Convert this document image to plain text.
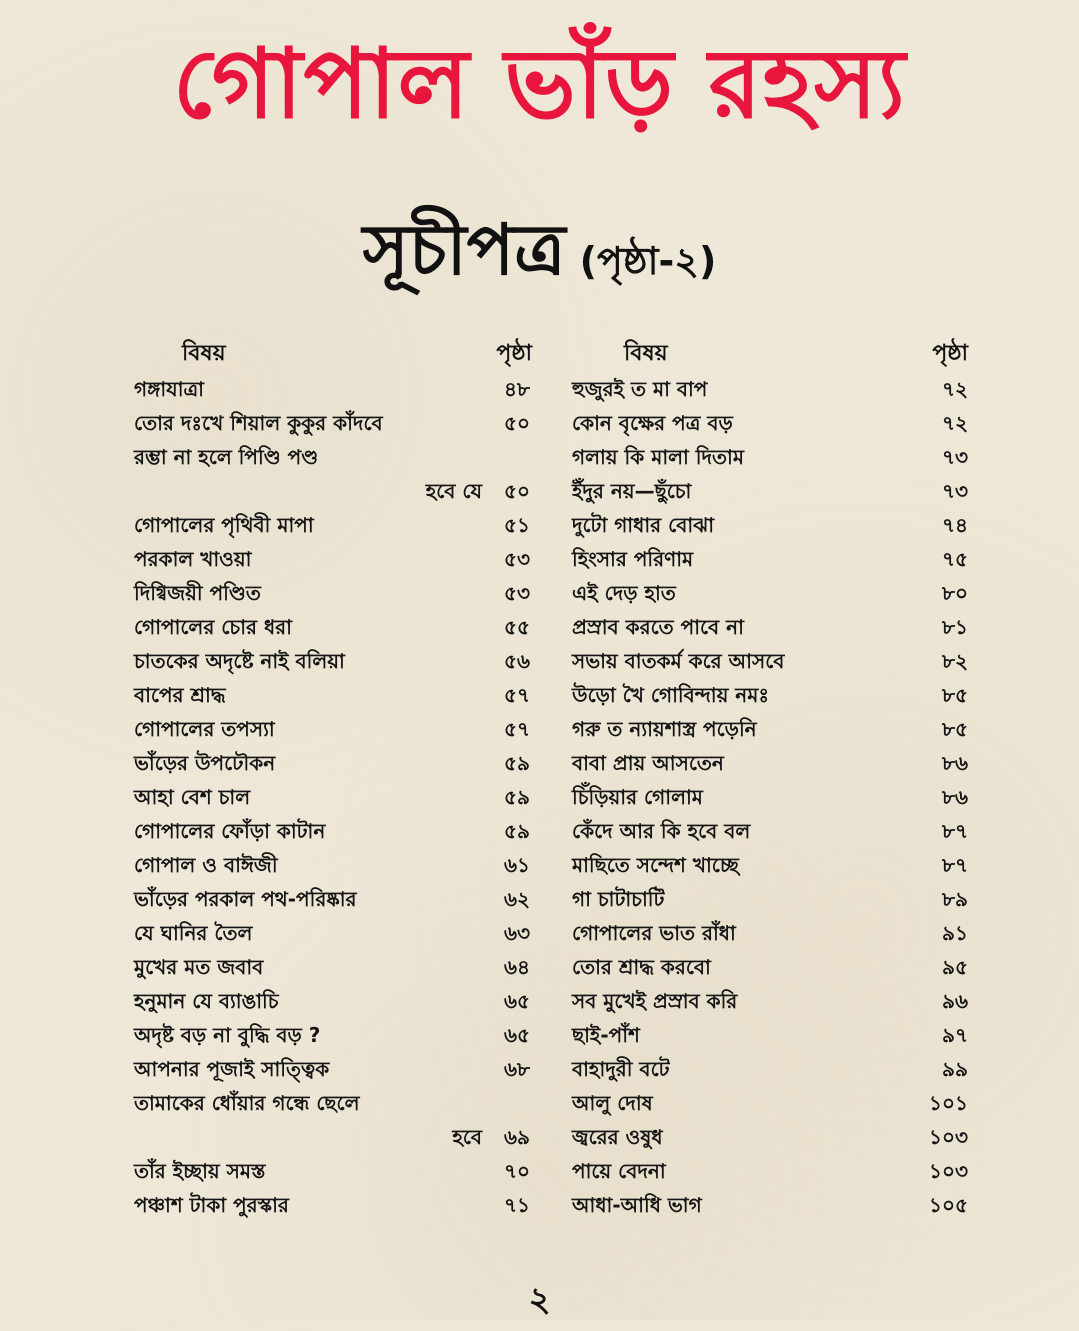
গোপাল ভাঁড় রহস্য
সূচীপত্র (পৃষ্ঠা-২)
বিষয়	পৃষ্ঠা
গঙ্গাযাত্রা	৪৮
তোর দঃখে শিয়াল কুকুর কাঁদবে	৫০
রম্ভা না হলে পিণ্ডি পণ্ড
হবে যে ৫০
গোপালের পৃথিবী মাপা	৫১
পরকাল খাওয়া	৫৩
দিগ্বিজয়ী পণ্ডিত	৫৩
গোপালের চোর ধরা	৫৫
চাতকের অদৃষ্টে নাই বলিয়া	৫৬
বাপের শ্রাদ্ধ	৫৭
গোপালের তপস্যা	৫৭
ভাঁড়ের উপঢৌকন	৫৯
আহা বেশ চাল	৫৯
গোপালের ফোঁড়া কাটান	৫৯
গোপাল ও বাঈজী	৬১
ভাঁড়ের পরকাল পথ-পরিষ্কার	৬২
যে ঘানির তৈল	৬৩
মুখের মত জবাব	৬৪
হনুমান যে ব্যাঙাচি	৬৫
অদৃষ্ট বড় না বুদ্ধি বড় ?	৬৫
আপনার পূজাই সাত্ত্বিক	৬৮
তামাকের ধোঁয়ার গন্ধে ছেলে
হবে ৬৯
তাঁর ইচ্ছায় সমস্ত	৭০
পঞ্চাশ টাকা পুরস্কার	৭১
বিষয়	পৃষ্ঠা
হুজুরই ত মা বাপ	৭২
কোন বৃক্ষের পত্র বড়	৭২
গলায় কি মালা দিতাম	৭৩
ইঁদুর নয়—ছুঁচো	৭৩
দুটো গাধার বোঝা	৭৪
হিংসার পরিণাম	৭৫
এই দেড় হাত	৮০
প্রস্রাব করতে পাবে না	৮১
সভায় বাতকর্ম করে আসবে	৮২
উড়ো খৈ গোবিন্দায় নমঃ	৮৫
গরু ত ন্যায়শাস্ত্র পড়েনি	৮৫
বাবা প্রায় আসতেন	৮৬
চিঁড়িয়ার গোলাম	৮৬
কেঁদে আর কি হবে বল	৮৭
মাছিতে সন্দেশ খাচ্ছে	৮৭
গা চাটাচাটি	৮৯
গোপালের ভাত রাঁধা	৯১
তোর শ্রাদ্ধ করবো	৯৫
সব মুখেই প্রস্রাব করি	৯৬
ছাই-পাঁশ	৯৭
বাহাদুরী বটে	৯৯
আলু দোষ	১০১
জ্বরের ওষুধ	১০৩
পায়ে বেদনা	১০৩
আধা-আধি ভাগ	১০৫
২
